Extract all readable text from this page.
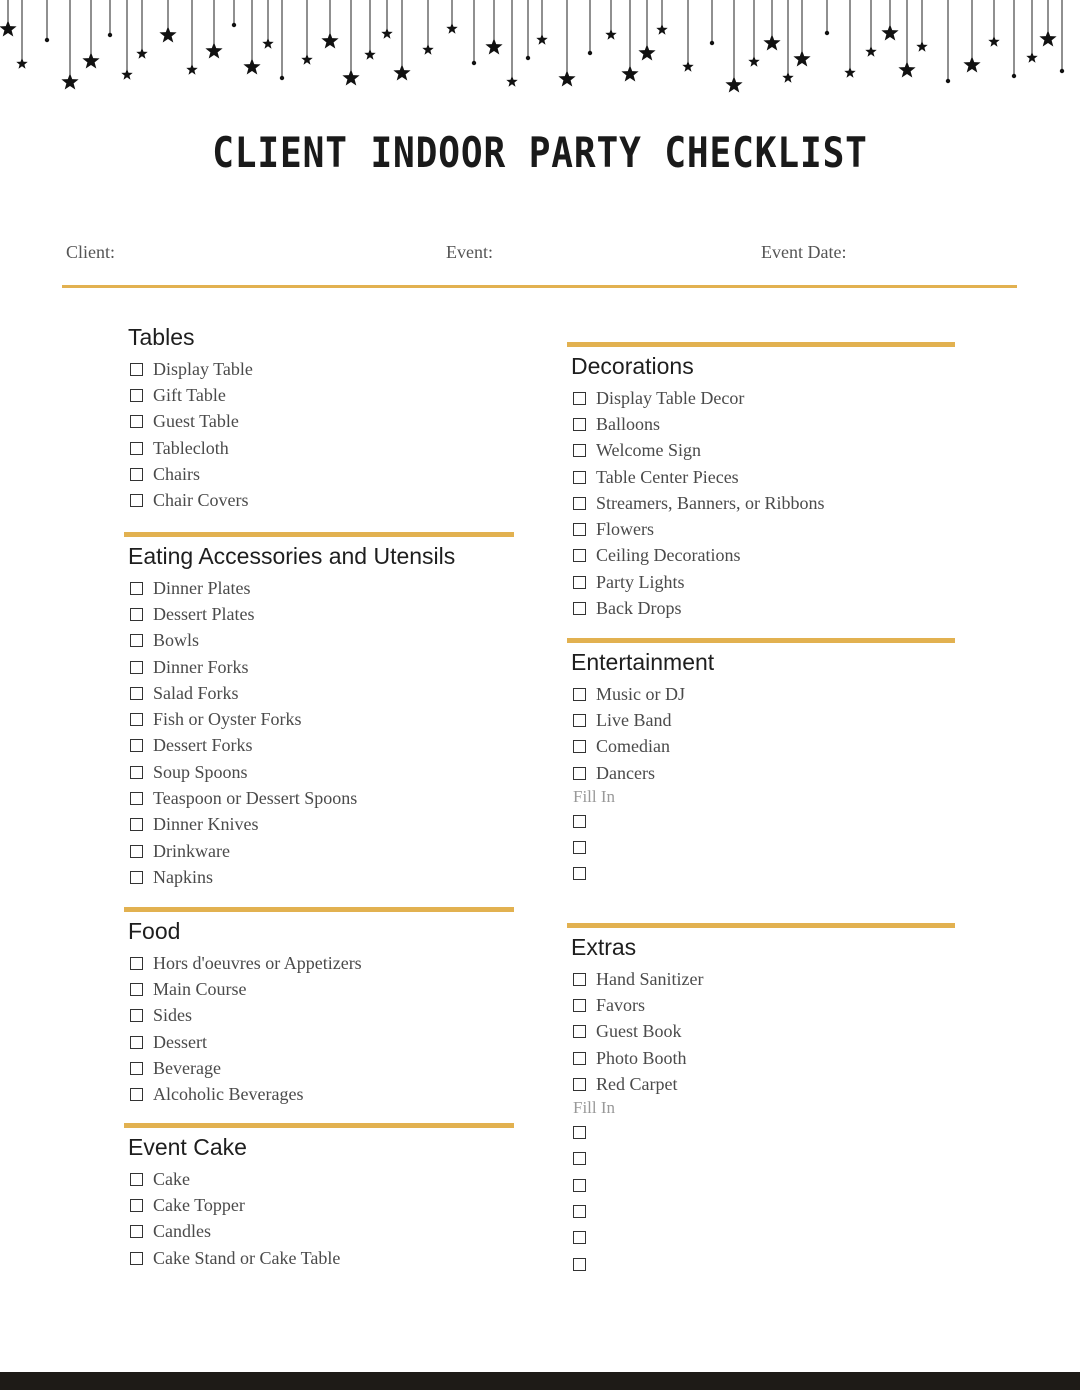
CLIENT INDOOR PARTY CHECKLIST
Client:	Event:	Event Date:
Tables
Display Table
Gift Table
Guest Table
Tablecloth
Chairs
Chair Covers
Eating Accessories and Utensils
Dinner Plates
Dessert Plates
Bowls
Dinner Forks
Salad Forks
Fish or Oyster Forks
Dessert Forks
Soup Spoons
Teaspoon or Dessert Spoons
Dinner Knives
Drinkware
Napkins
Food
Hors d'oeuvres or Appetizers
Main Course
Sides
Dessert
Beverage
Alcoholic Beverages
Event Cake
Cake
Cake Topper
Candles
Cake Stand or Cake Table
Decorations
Display Table Decor
Balloons
Welcome Sign
Table Center Pieces
Streamers, Banners, or Ribbons
Flowers
Ceiling Decorations
Party Lights
Back Drops
Entertainment
Music or DJ
Live Band
Comedian
Dancers
Fill In
Extras
Hand Sanitizer
Favors
Guest Book
Photo Booth
Red Carpet
Fill In
